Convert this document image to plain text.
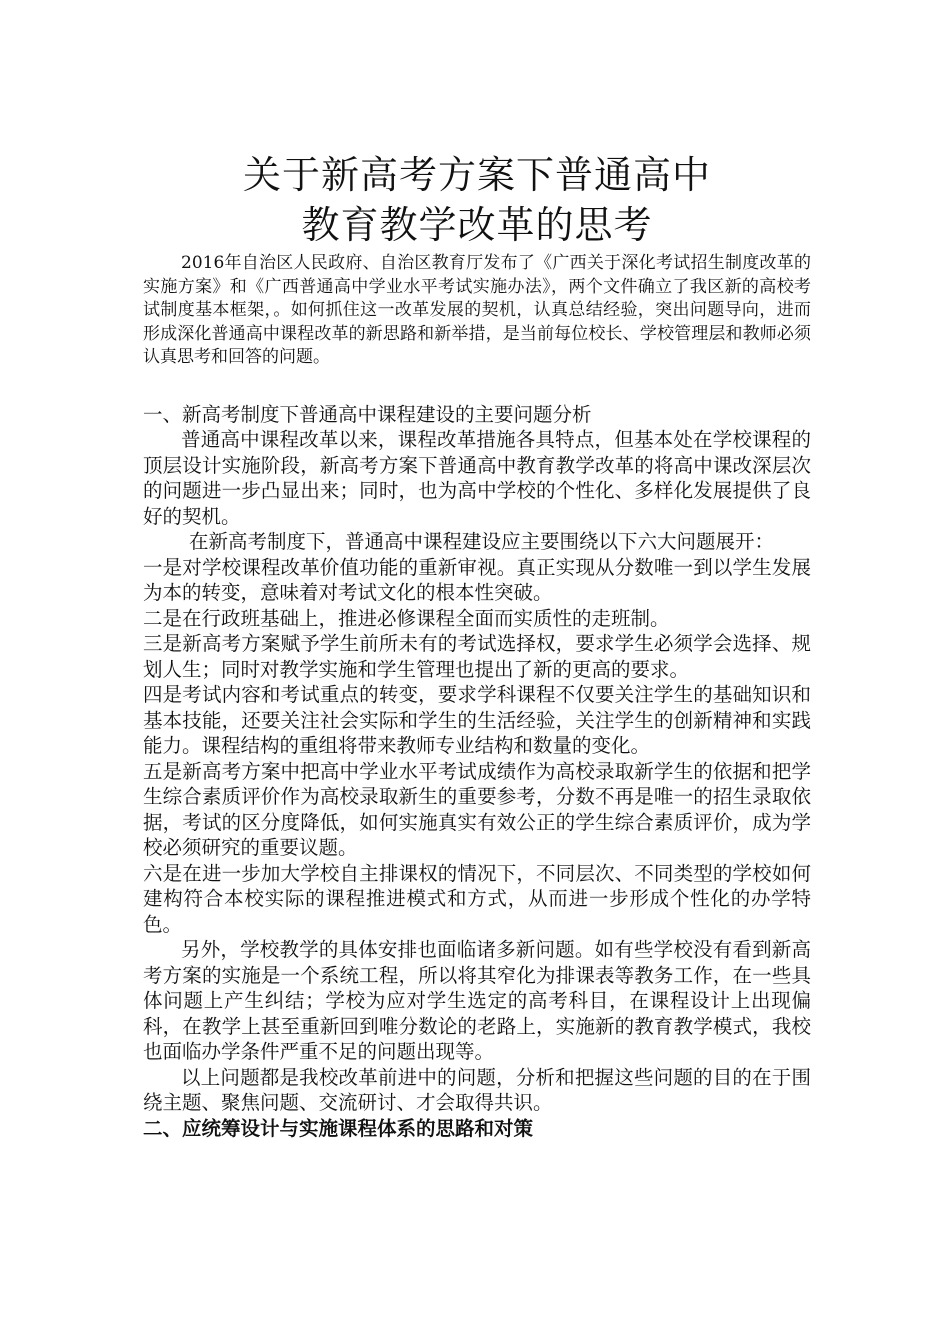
关于新高考方案下普通高中
教育教学改革的思考

2016年自治区人民政府、自治区教育厅发布了《广西关于深化考试招生制度改革的实施方案》和《广西普通高中学业水平考试实施办法》，两个文件确立了我区新的高校考试制度基本框架，。如何抓住这一改革发展的契机，认真总结经验，突出问题导向，进而形成深化普通高中课程改革的新思路和新举措，是当前每位校长、学校管理层和教师必须认真思考和回答的问题。

一、新高考制度下普通高中课程建设的主要问题分析

普通高中课程改革以来，课程改革措施各具特点，但基本处在学校课程的顶层设计实施阶段，新高考方案下普通高中教育教学改革的将高中课改深层次的问题进一步凸显出来；同时，也为高中学校的个性化、多样化发展提供了良好的契机。

在新高考制度下，普通高中课程建设应主要围绕以下六大问题展开：

一是对学校课程改革价值功能的重新审视。真正实现从分数唯一到以学生发展为本的转变，意味着对考试文化的根本性突破。

二是在行政班基础上，推进必修课程全面而实质性的走班制。

三是新高考方案赋予学生前所未有的考试选择权，要求学生必须学会选择、规划人生；同时对教学实施和学生管理也提出了新的更高的要求。

四是考试内容和考试重点的转变，要求学科课程不仅要关注学生的基础知识和基本技能，还要关注社会实际和学生的生活经验，关注学生的创新精神和实践能力。课程结构的重组将带来教师专业结构和数量的变化。

五是新高考方案中把高中学业水平考试成绩作为高校录取新学生的依据和把学生综合素质评价作为高校录取新生的重要参考，分数不再是唯一的招生录取依据，考试的区分度降低，如何实施真实有效公正的学生综合素质评价，成为学校必须研究的重要议题。

六是在进一步加大学校自主排课权的情况下，不同层次、不同类型的学校如何建构符合本校实际的课程推进模式和方式，从而进一步形成个性化的办学特色。

另外，学校教学的具体安排也面临诸多新问题。如有些学校没有看到新高考方案的实施是一个系统工程，所以将其窄化为排课表等教务工作，在一些具体问题上产生纠结；学校为应对学生选定的高考科目，在课程设计上出现偏科，在教学上甚至重新回到唯分数论的老路上，实施新的教育教学模式，我校也面临办学条件严重不足的问题出现等。

以上问题都是我校改革前进中的问题，分析和把握这些问题的目的在于围绕主题、聚焦问题、交流研讨、才会取得共识。

二、应统筹设计与实施课程体系的思路和对策
